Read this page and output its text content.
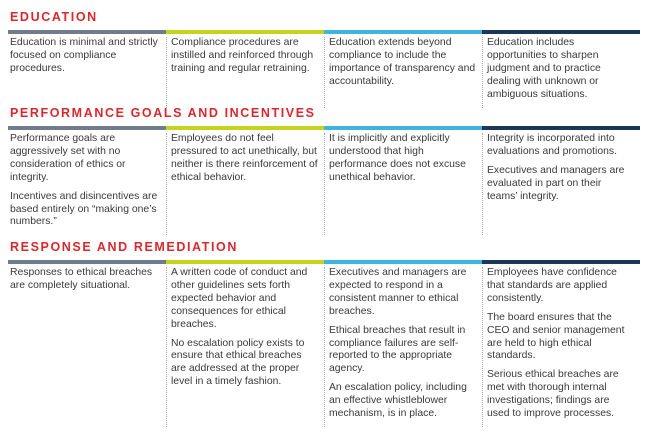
EDUCATION

Education is minimal and strictly focused on compliance procedures.

Compliance procedures are instilled and reinforced through training and regular retraining.

Education extends beyond compliance to include the importance of transparency and accountability.

Education includes opportunities to sharpen judgment and to practice dealing with unknown or ambiguous situations.

PERFORMANCE GOALS AND INCENTIVES

Performance goals are aggressively set with no consideration of ethics or integrity.

Incentives and disincentives are based entirely on “making one’s numbers.”

Employees do not feel pressured to act unethically, but neither is there reinforcement of ethical behavior.

It is implicitly and explicitly understood that high performance does not excuse unethical behavior.

Integrity is incorporated into evaluations and promotions.

Executives and managers are evaluated in part on their teams’ integrity.

RESPONSE AND REMEDIATION

Responses to ethical breaches are completely situational.

A written code of conduct and other guidelines sets forth expected behavior and consequences for ethical breaches.

No escalation policy exists to ensure that ethical breaches are addressed at the proper level in a timely fashion.

Executives and managers are expected to respond in a consistent manner to ethical breaches.

Ethical breaches that result in compliance failures are self-reported to the appropriate agency.

An escalation policy, including an effective whistleblower mechanism, is in place.

Employees have confidence that standards are applied consistently.

The board ensures that the CEO and senior management are held to high ethical standards.

Serious ethical breaches are met with thorough internal investigations; findings are used to improve processes.
